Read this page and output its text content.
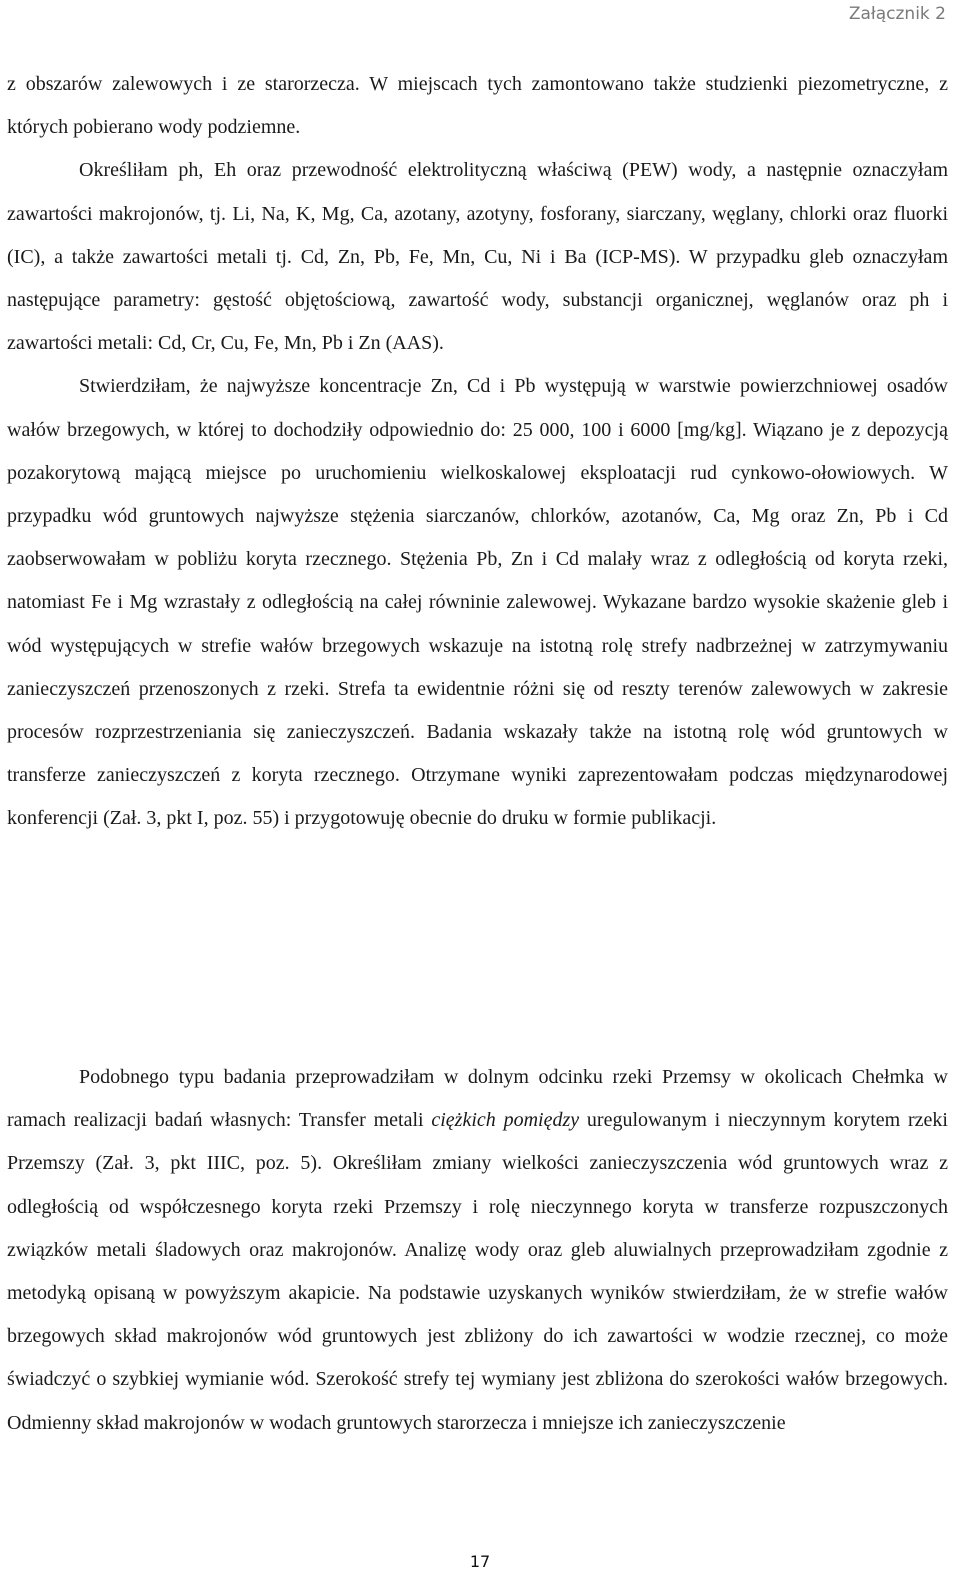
Załącznik 2

z obszarów zalewowych i ze starorzecza. W miejscach tych zamontowano także studzienki piezometryczne, z których pobierano wody podziemne.

Określiłam ph, Eh oraz przewodność elektrolityczną właściwą (PEW) wody, a następnie oznaczyłam zawartości makrojonów, tj. Li, Na, K, Mg, Ca, azotany, azotyny, fosforany, siarczany, węglany, chlorki oraz fluorki (IC), a także zawartości metali tj. Cd, Zn, Pb, Fe, Mn, Cu, Ni i Ba (ICP-MS). W przypadku gleb oznaczyłam następujące parametry: gęstość objętościową, zawartość wody, substancji organicznej, węglanów oraz ph i zawartości metali: Cd, Cr, Cu, Fe, Mn, Pb i Zn (AAS).

Stwierdziłam, że najwyższe koncentracje Zn, Cd i Pb występują w warstwie powierzchniowej osadów wałów brzegowych, w której to dochodziły odpowiednio do: 25 000, 100 i 6000 [mg/kg]. Wiązano je z depozycją pozakorytową mającą miejsce po uruchomieniu wielkoskalowej eksploatacji rud cynkowo-ołowiowych. W przypadku wód gruntowych najwyższe stężenia siarczanów, chlorków, azotanów, Ca, Mg oraz Zn, Pb i Cd zaobserwowałam w pobliżu koryta rzecznego. Stężenia Pb, Zn i Cd malały wraz z odległością od koryta rzeki, natomiast Fe i Mg wzrastały z odległością na całej równinie zalewowej. Wykazane bardzo wysokie skażenie gleb i wód występujących w strefie wałów brzegowych wskazuje na istotną rolę strefy nadbrzeżnej w zatrzymywaniu zanieczyszczeń przenoszonych z rzeki. Strefa ta ewidentnie różni się od reszty terenów zalewowych w zakresie procesów rozprzestrzeniania się zanieczyszczeń. Badania wskazały także na istotną rolę wód gruntowych w transferze zanieczyszczeń z koryta rzecznego. Otrzymane wyniki zaprezentowałam podczas międzynarodowej konferencji (Zał. 3, pkt I, poz. 55) i przygotowuję obecnie do druku w formie publikacji.

Podobnego typu badania przeprowadziłam w dolnym odcinku rzeki Przemsy w okolicach Chełmka w ramach realizacji badań własnych: Transfer metali ciężkich pomiędzy uregulowanym i nieczynnym korytem rzeki Przemszy (Zał. 3, pkt IIIC, poz. 5). Określiłam zmiany wielkości zanieczyszczenia wód gruntowych wraz z odległością od współczesnego koryta rzeki Przemszy i rolę nieczynnego koryta w transferze rozpuszczonych związków metali śladowych oraz makrojonów. Analizę wody oraz gleb aluwialnych przeprowadziłam zgodnie z metodyką opisaną w powyższym akapicie. Na podstawie uzyskanych wyników stwierdziłam, że w strefie wałów brzegowych skład makrojonów wód gruntowych jest zbliżony do ich zawartości w wodzie rzecznej, co może świadczyć o szybkiej wymianie wód. Szerokość strefy tej wymiany jest zbliżona do szerokości wałów brzegowych. Odmienny skład makrojonów w wodach gruntowych starorzecza i mniejsze ich zanieczyszczenie

17
